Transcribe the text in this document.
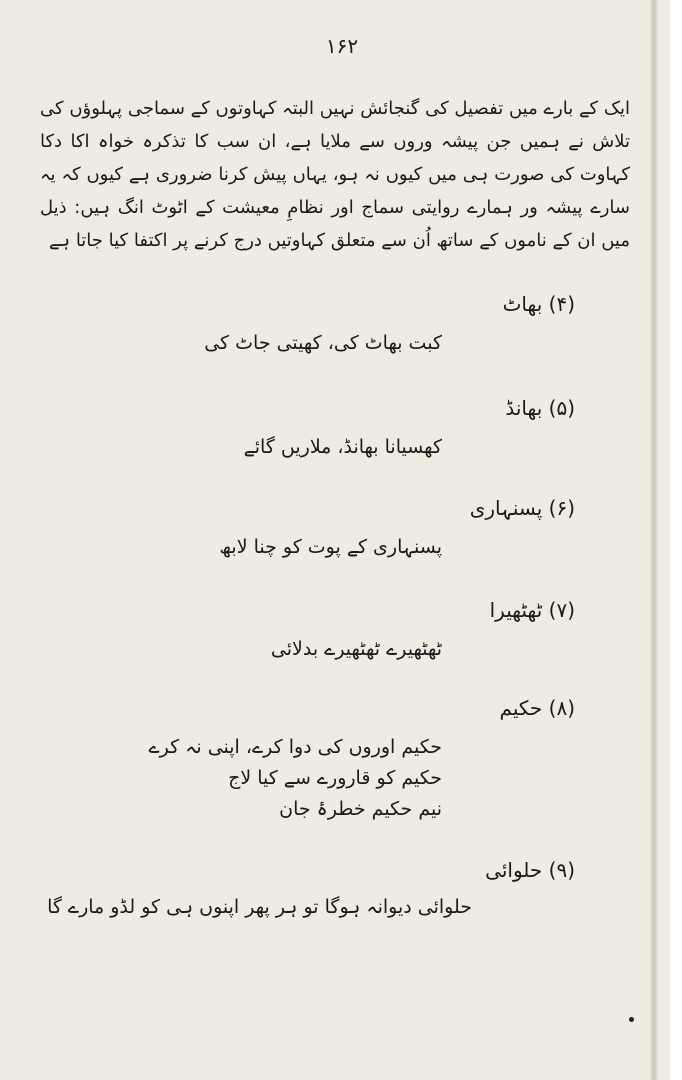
۱۶۲

ایک کے بارے میں تفصیل کی گنجائش نہیں البتہ کہاوتوں کے سماجی پہلوؤں کی تلاش نے ہمیں جن پیشہ وروں سے ملایا ہے، ان سب کا تذکرہ خواہ اکا دکا کہاوت کی صورت ہی میں کیوں نہ ہو، یہاں پیش کرنا ضروری ہے کیوں کہ یہ سارے پیشہ ور ہمارے روایتی سماج اور نظامِ معیشت کے اٹوٹ انگ ہیں: ذیل میں ان کے ناموں کے ساتھ اُن سے متعلق کہاوتیں درج کرنے پر اکتفا کیا جاتا ہے

(۴) بھاٹ
کبت بھاٹ کی، کھیتی جاٹ کی
(۵) بھانڈ
کھسیانا بھانڈ، ملاریں گائے
(۶) پسنہاری
پسنہاری کے پوت کو چنا لابھ
(۷) ٹھٹھیرا
ٹھٹھیرے ٹھٹھیرے بدلائی
(۸) حکیم
حکیم اوروں کی دوا کرے، اپنی نہ کرے
حکیم کو قارورے سے کیا لاج
نیم حکیم خطرۂ جان
(۹) حلوائی
حلوائی دیوانہ ہوگا تو ہر پھر اپنوں ہی کو لڈو مارے گا
